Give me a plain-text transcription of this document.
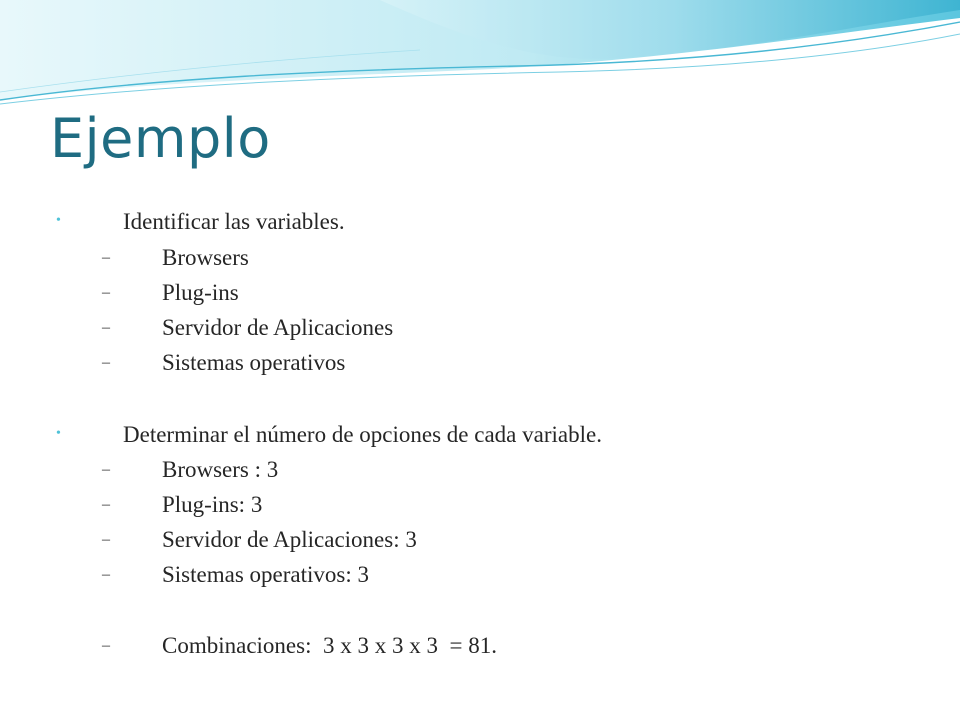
Ejemplo
•	Identificar las variables.
– Browsers
– Plug-ins
– Servidor de Aplicaciones
– Sistemas operativos
•	Determinar el número de opciones de cada variable.
– Browsers : 3
– Plug-ins: 3
– Servidor de Aplicaciones: 3
– Sistemas operativos: 3
– Combinaciones:  3 x 3 x 3 x 3  = 81.
